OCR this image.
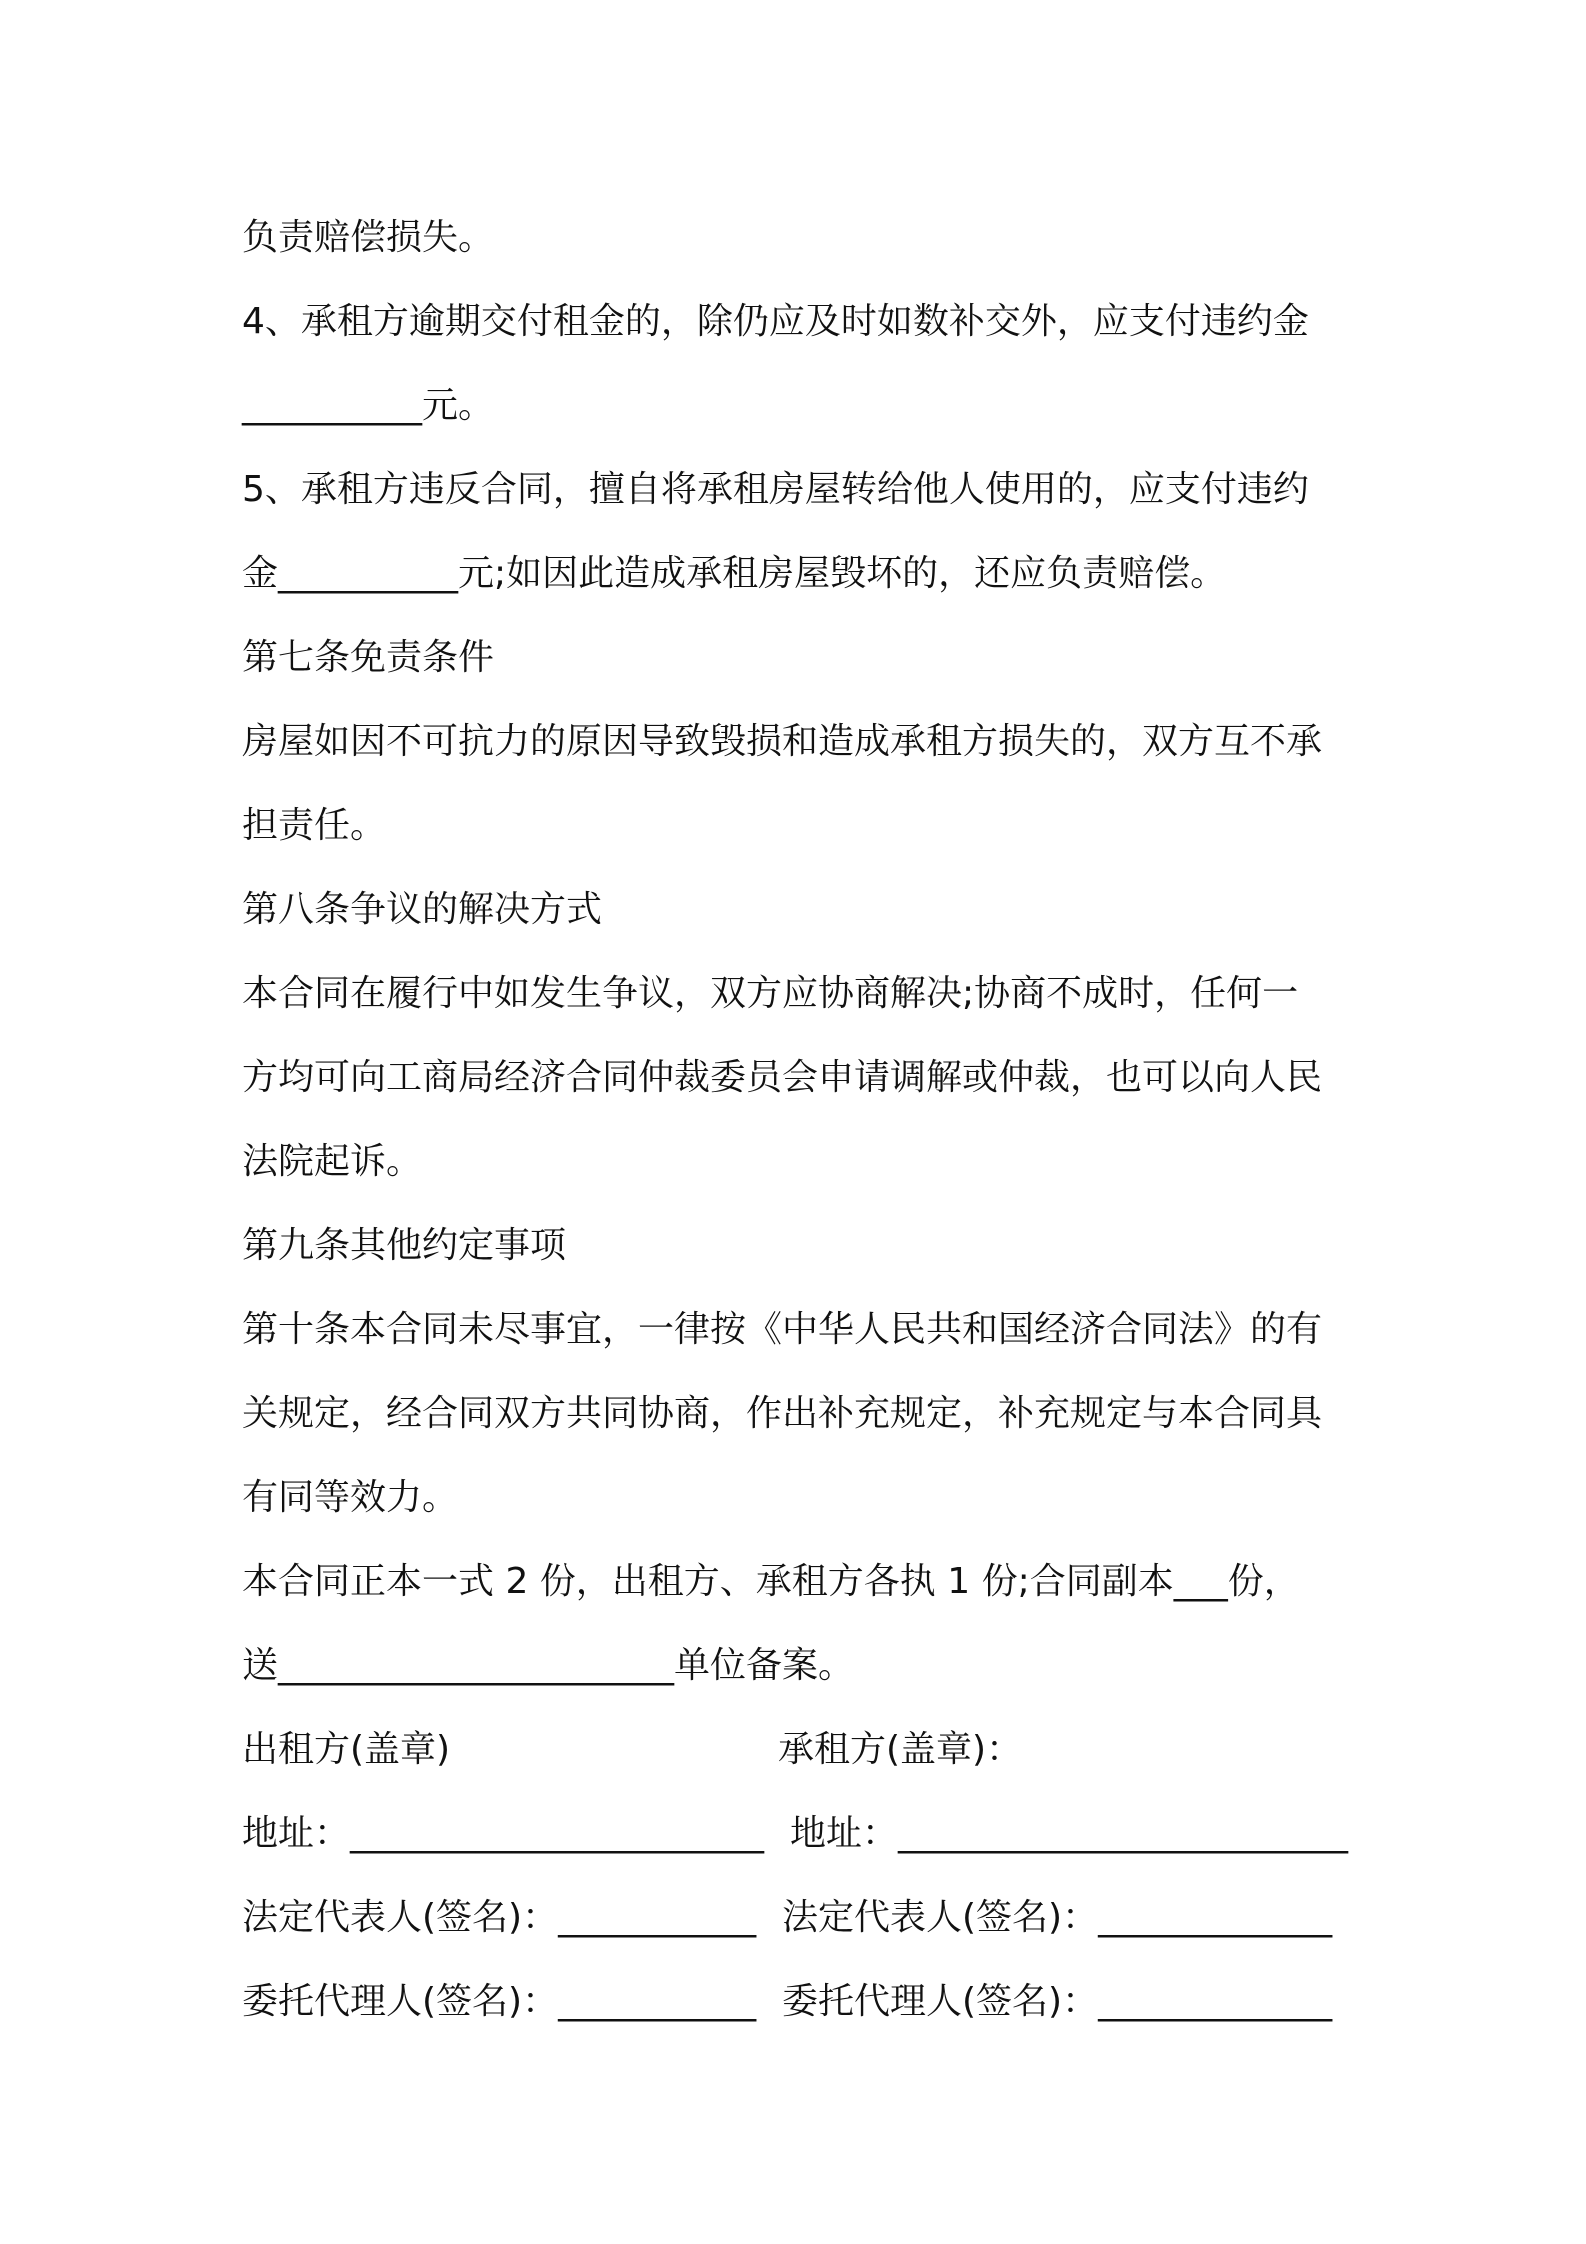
负责赔偿损失。
4、承租方逾期交付租金的，除仍应及时如数补交外，应支付违约金
__________元。
5、承租方违反合同，擅自将承租房屋转给他人使用的，应支付违约
金__________元;如因此造成承租房屋毁坏的，还应负责赔偿。
第七条免责条件
房屋如因不可抗力的原因导致毁损和造成承租方损失的，双方互不承
担责任。
第八条争议的解决方式
本合同在履行中如发生争议，双方应协商解决;协商不成时，任何一
方均可向工商局经济合同仲裁委员会申请调解或仲裁，也可以向人民
法院起诉。
第九条其他约定事项
第十条本合同未尽事宜，一律按《中华人民共和国经济合同法》的有
关规定，经合同双方共同协商，作出补充规定，补充规定与本合同具
有同等效力。
本合同正本一式 2 份，出租方、承租方各执 1 份;合同副本___份，
送______________________单位备案。
出租方(盖章)	承租方(盖章)：
地址：_______________________ 地址：_________________________
法定代表人(签名)：___________ 法定代表人(签名)：_____________
委托代理人(签名)：___________ 委托代理人(签名)：_____________
